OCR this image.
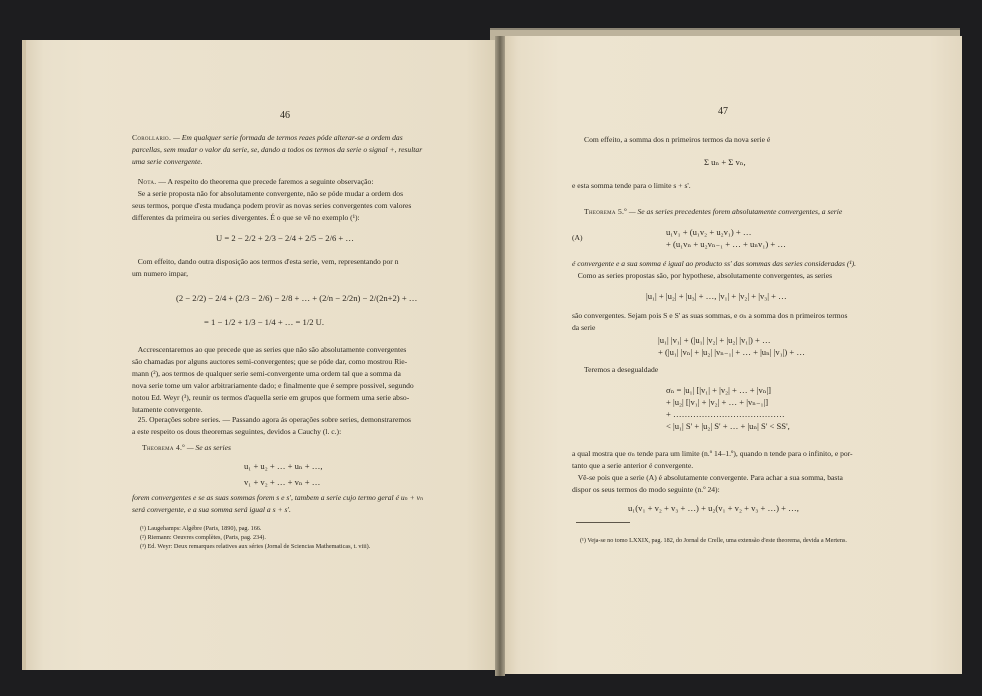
46
Corollario. — Em qualquer serie formada de termos reaes póde alterar-se a ordem das
parcellas, sem mudar o valor da serie, se, dando a todos os termos da serie o signal +, resultar
uma serie convergente.
Nota. — A respeito do theorema que precede faremos a seguinte observação:
Se a serie proposta não for absolutamente convergente, não se póde mudar a ordem dos
seus termos, porque d'esta mudança podem provir as novas series convergentes com valores
differentes da primeira ou series divergentes. É o que se vê no exemplo (¹):
U = 2 − 2/2 + 2/3 − 2/4 + 2/5 − 2/6 + …
Com effeito, dando outra disposição aos termos d'esta serie, vem, representando por n
um numero impar,
(2 − 2/2) − 2/4 + (2/3 − 2/6) − 2/8 + … + (2/n − 2/2n) − 2/(2n+2) + …
= 1 − 1/2 + 1/3 − 1/4 + … = 1/2 U.
Accrescentaremos ao que precede que as series que não são absolutamente convergentes
são chamadas por alguns auctores semi-convergentes; que se póde dar, como mostrou Rie-
mann (²), aos termos de qualquer serie semi-convergente uma ordem tal que a somma da
nova serie tome um valor arbitrariamente dado; e finalmente que é sempre possivel, segundo
notou Ed. Weyr (³), reunir os termos d'aquella serie em grupos que formem uma serie abso-
lutamente convergente.
25. Operações sobre series. — Passando agora ás operações sobre series, demonstraremos
a este respeito os dous theoremas seguintes, devidos a Cauchy (l. c.):
Theorema 4.º — Se as series
u₁ + u₂ + … + uₙ + …,
v₁ + v₂ + … + vₙ + …
forem convergentes e se as suas sommas forem s e s', tambem a serie cujo termo geral é uₙ + vₙ
será convergente, e a sua somma será igual a s + s'.
(¹) Laugehamps: Algébre (Paris, 1890), pag. 166.
(²) Riemann: Oeuvres complètes, (Paris, pag. 234).
(³) Ed. Weyr: Deux remarques relatives aux séries (Jornal de Sciencias Mathematicas, t. viii).
47
Com effeito, a somma dos n primeiros termos da nova serie é
Σ uₙ + Σ vₙ,
e esta somma tende para o limite s + s'.
Theorema 5.º — Se as series precedentes forem absolutamente convergentes, a serie
(A)
u₁v₁ + (u₁v₂ + u₂v₁) + …
+ (u₁vₙ + u₂vₙ₋₁ + … + uₙv₁) + …
é convergente e a sua somma é igual ao producto ss' das sommas das series consideradas (¹).
Como as series propostas são, por hypothese, absolutamente convergentes, as series
|u₁| + |u₂| + |u₃| + …, |v₁| + |v₂| + |v₃| + …
são convergentes. Sejam pois S e S' as suas sommas, e σₙ a somma dos n primeiros termos
da serie
|u₁| |v₁| + (|u₁| |v₂| + |u₂| |v₁|) + …
+ (|u₁| |vₙ| + |u₂| |vₙ₋₁| + … + |uₙ| |v₁|) + …
Teremos a desegualdade
σₙ = |u₁| [|v₁| + |v₂| + … + |vₙ|]
+ |u₂| [|v₁| + |v₂| + … + |vₙ₋₁|]
+ …………………………………
< |u₁| S' + |u₂| S' + … + |uₙ| S' < SS',
a qual mostra que σₙ tende para um limite (n.º 14–1.º), quando n tende para o infinito, e por-
tanto que a serie anterior é convergente.
Vê-se pois que a serie (A) é absolutamente convergente. Para achar a sua somma, basta
dispor os seus termos do modo seguinte (n.º 24):
u₁(v₁ + v₂ + v₃ + …) + u₂(v₁ + v₂ + v₃ + …) + …,
(¹) Veja-se no tomo LXXIX, pag. 182, do Jornal de Crelle, uma extensão d'este theorema, devida a Mertens.
